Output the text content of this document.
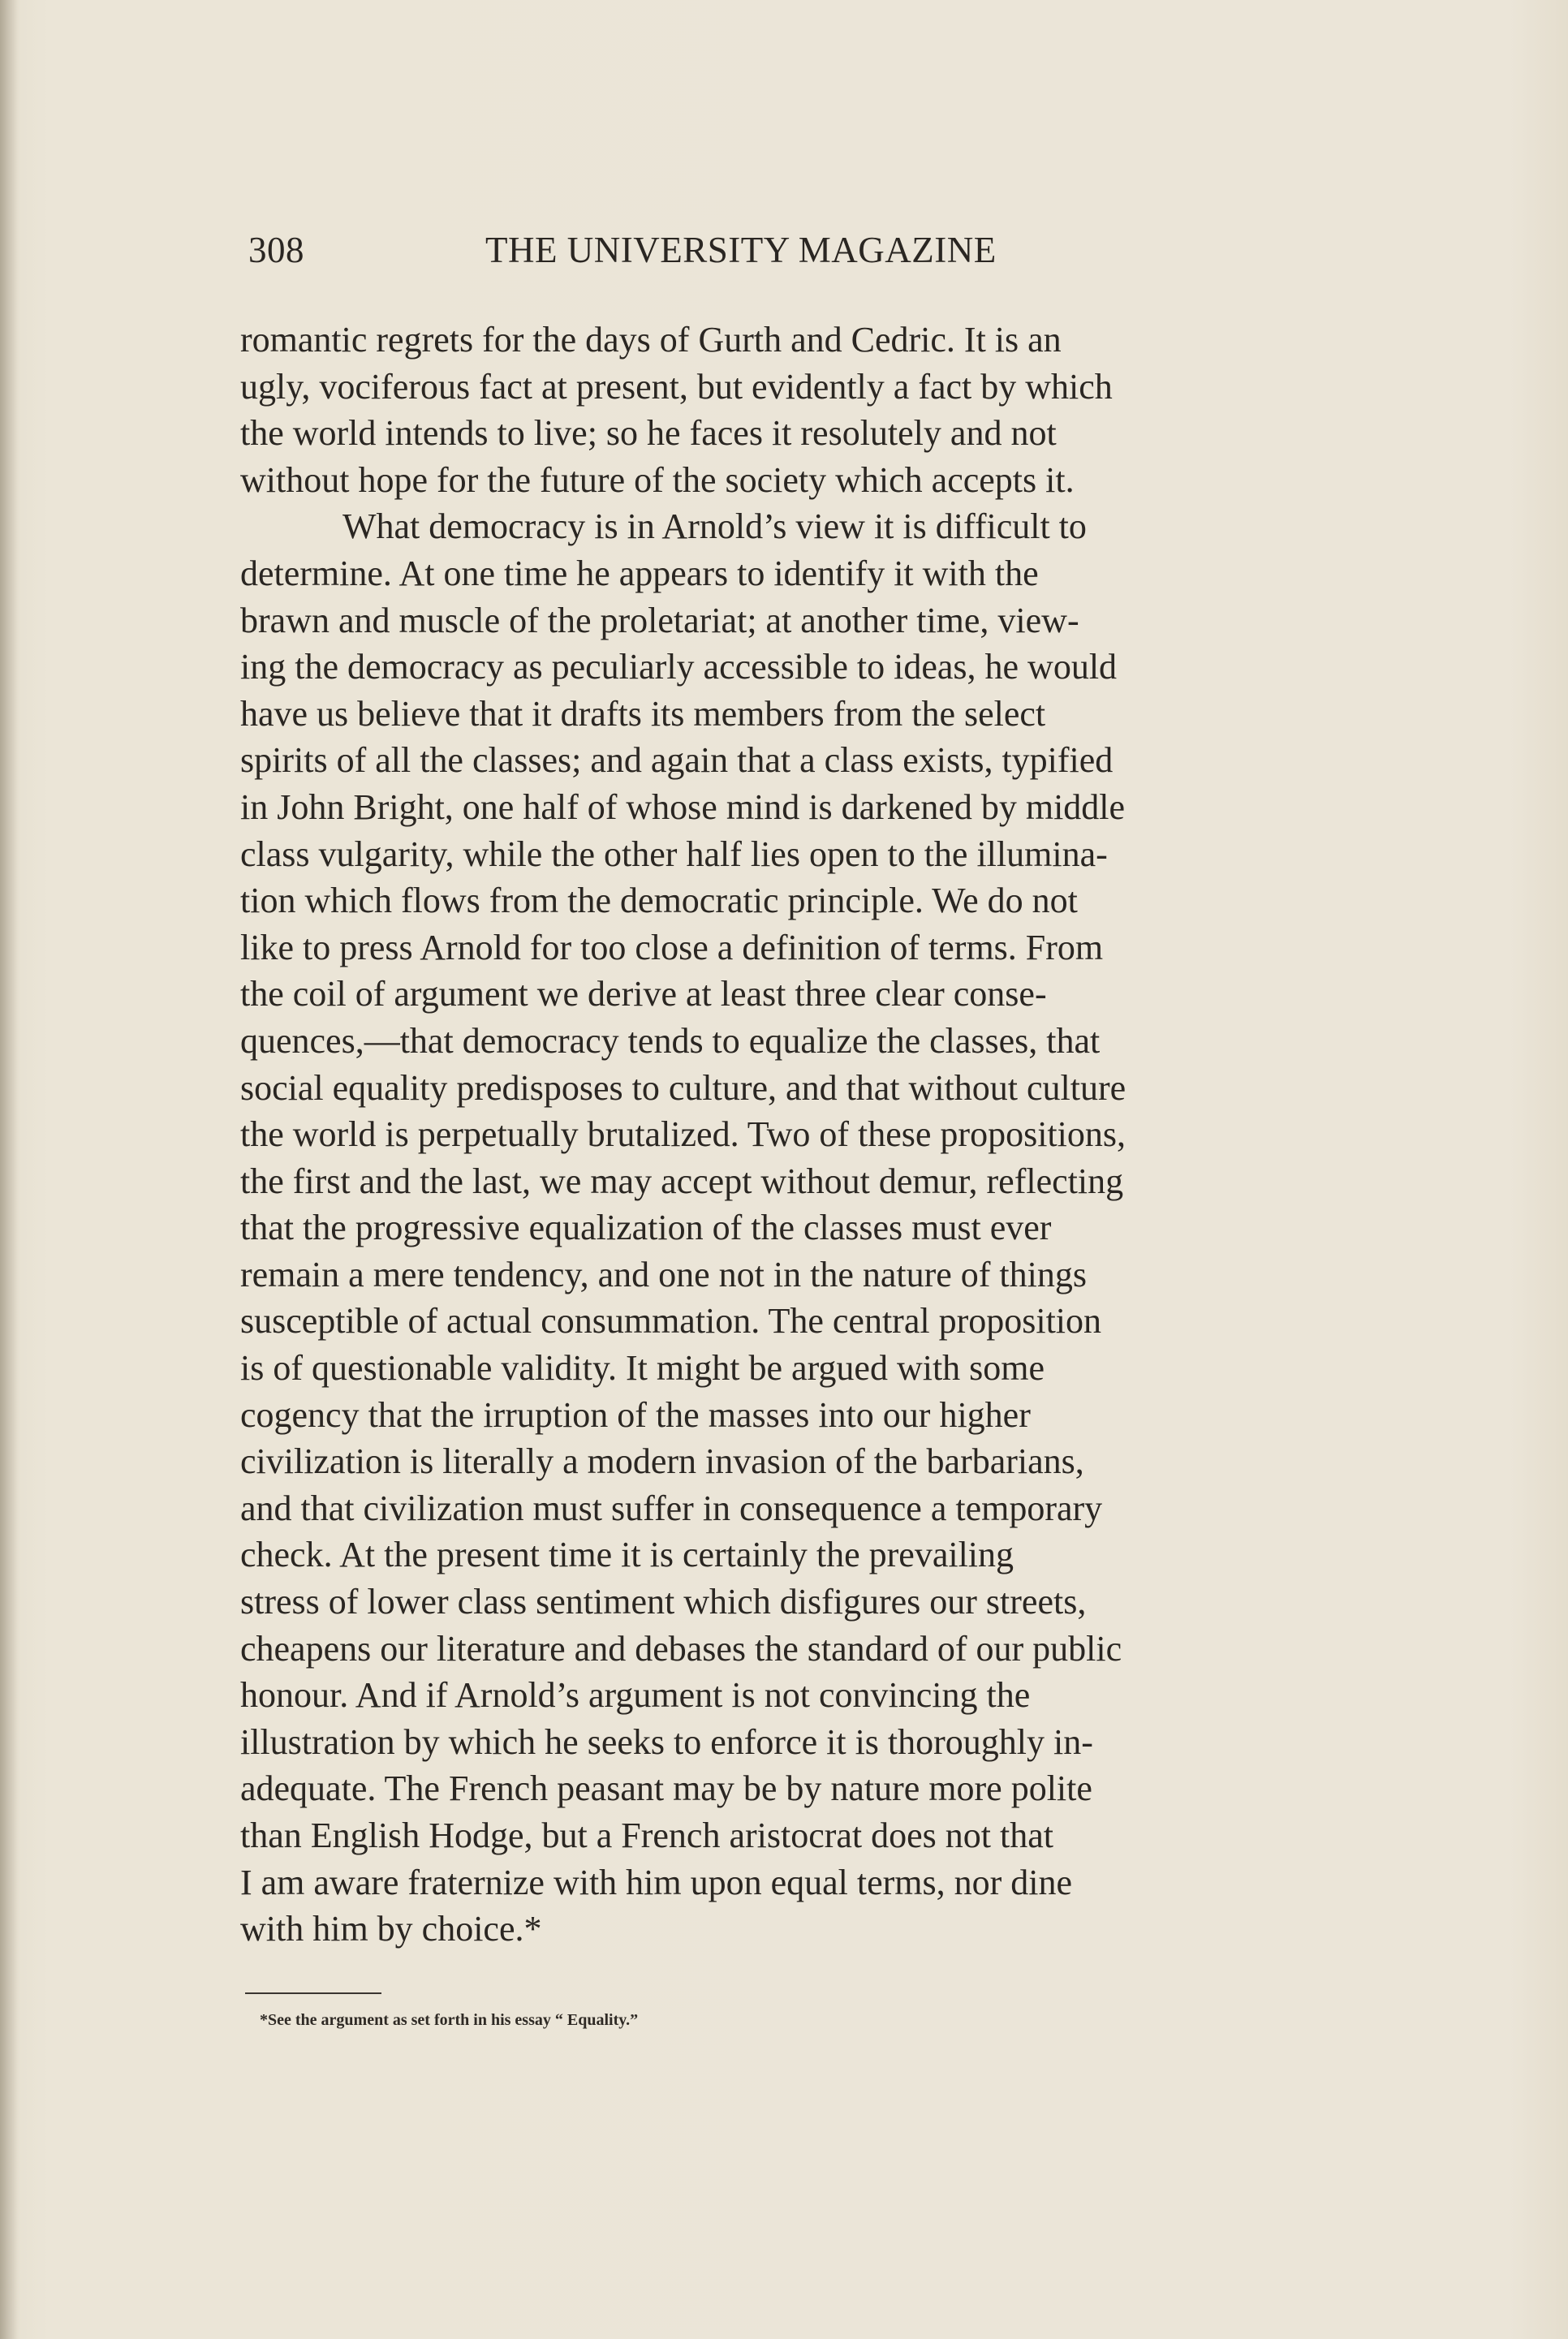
308	THE UNIVERSITY MAGAZINE
romantic regrets for the days of Gurth and Cedric. It is an
ugly, vociferous fact at present, but evidently a fact by which
the world intends to live; so he faces it resolutely and not
without hope for the future of the society which accepts it.
What democracy is in Arnold’s view it is difficult to
determine. At one time he appears to identify it with the
brawn and muscle of the proletariat; at another time, view-
ing the democracy as peculiarly accessible to ideas, he would
have us believe that it drafts its members from the select
spirits of all the classes; and again that a class exists, typified
in John Bright, one half of whose mind is darkened by middle
class vulgarity, while the other half lies open to the illumina-
tion which flows from the democratic principle. We do not
like to press Arnold for too close a definition of terms. From
the coil of argument we derive at least three clear conse-
quences,—that democracy tends to equalize the classes, that
social equality predisposes to culture, and that without culture
the world is perpetually brutalized. Two of these propositions,
the first and the last, we may accept without demur, reflecting
that the progressive equalization of the classes must ever
remain a mere tendency, and one not in the nature of things
susceptible of actual consummation. The central proposition
is of questionable validity. It might be argued with some
cogency that the irruption of the masses into our higher
civilization is literally a modern invasion of the barbarians,
and that civilization must suffer in consequence a temporary
check. At the present time it is certainly the prevailing
stress of lower class sentiment which disfigures our streets,
cheapens our literature and debases the standard of our public
honour. And if Arnold’s argument is not convincing the
illustration by which he seeks to enforce it is thoroughly in-
adequate. The French peasant may be by nature more polite
than English Hodge, but a French aristocrat does not that
I am aware fraternize with him upon equal terms, nor dine
with him by choice.*
*See the argument as set forth in his essay “ Equality.”
